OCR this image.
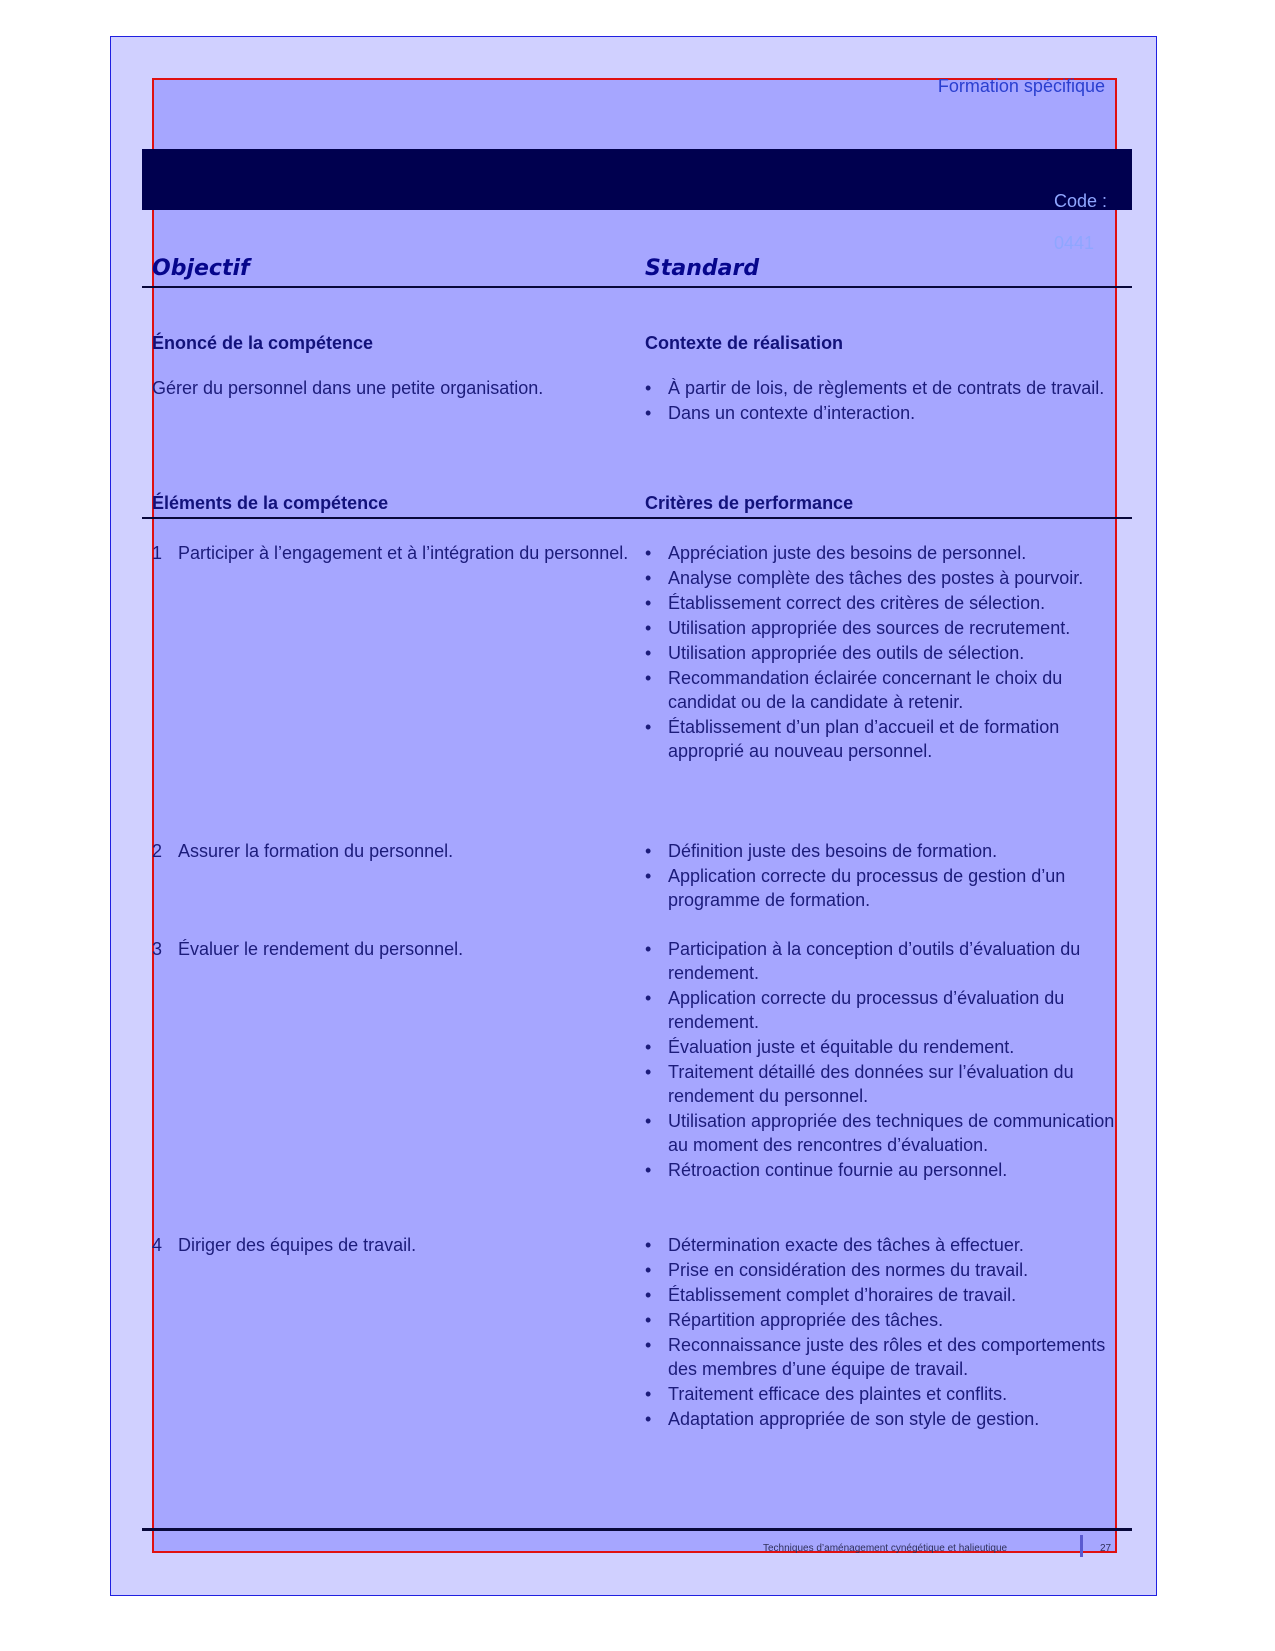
Formation spécifique

Code :

0441

Objectif	Standard
Énoncé de la compétence	Contexte de réalisation
Gérer du personnel dans une petite organisation.	• À partir de lois, de règlements et de contrats de travail.
• Dans un contexte d’interaction.
Éléments de la compétence	Critères de performance
1 Participer à l’engagement et à l’intégration du personnel.	• Appréciation juste des besoins de personnel.
• Analyse complète des tâches des postes à pourvoir.
• Établissement correct des critères de sélection.
• Utilisation appropriée des sources de recrutement.
• Utilisation appropriée des outils de sélection.
• Recommandation éclairée concernant le choix du candidat ou de la candidate à retenir.
• Établissement d’un plan d’accueil et de formation approprié au nouveau personnel.
2 Assurer la formation du personnel.	• Définition juste des besoins de formation.
• Application correcte du processus de gestion d’un programme de formation.
3 Évaluer le rendement du personnel.	• Participation à la conception d’outils d’évaluation du rendement.
• Application correcte du processus d’évaluation du rendement.
• Évaluation juste et équitable du rendement.
• Traitement détaillé des données sur l’évaluation du rendement du personnel.
• Utilisation appropriée des techniques de communication au moment des rencontres d’évaluation.
• Rétroaction continue fournie au personnel.
4 Diriger des équipes de travail.	• Détermination exacte des tâches à effectuer.
• Prise en considération des normes du travail.
• Établissement complet d’horaires de travail.
• Répartition appropriée des tâches.
• Reconnaissance juste des rôles et des comportements des membres d’une équipe de travail.
• Traitement efficace des plaintes et conflits.
• Adaptation appropriée de son style de gestion.
Techniques d’aménagement cynégétique et halieutique	27
